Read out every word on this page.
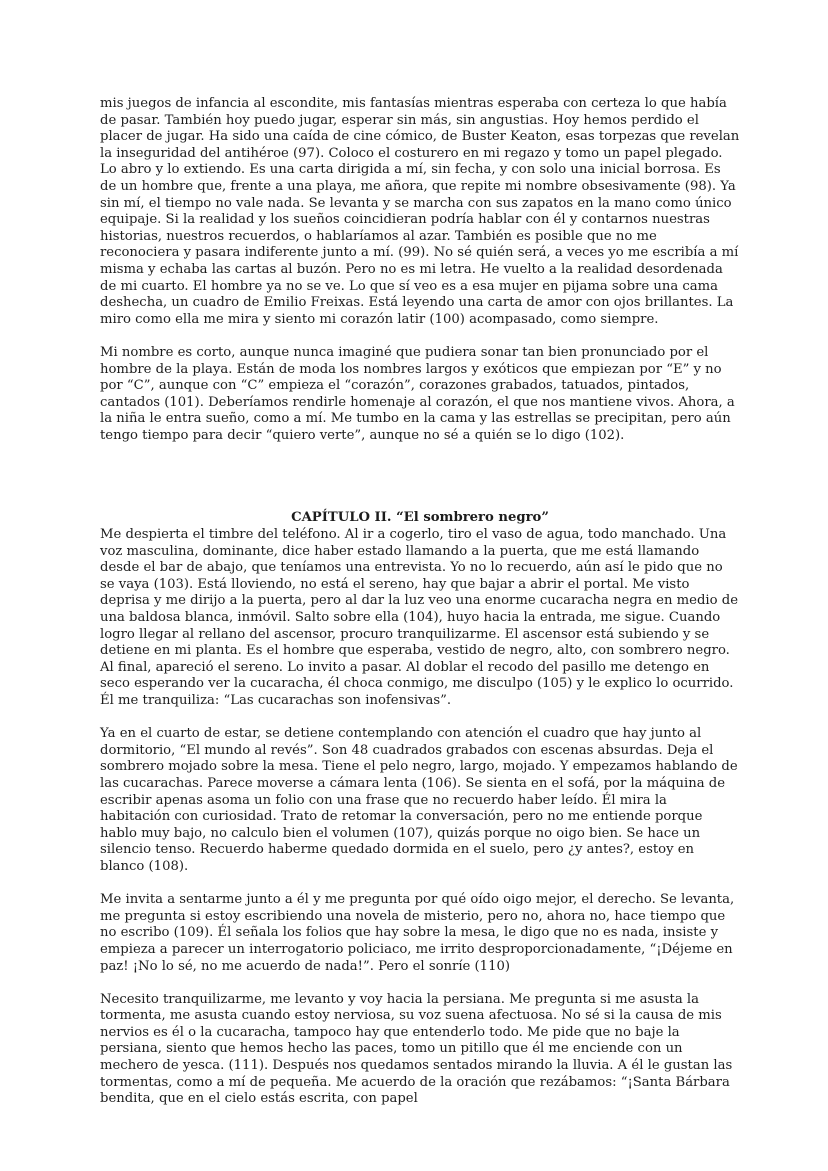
mis juegos de infancia al escondite, mis fantasías mientras esperaba con certeza lo que había de pasar. También hoy puedo jugar, esperar sin más, sin angustias. Hoy hemos perdido el placer de jugar. Ha sido una caída de cine cómico, de Buster Keaton, esas torpezas que revelan la inseguridad del antihéroe (97). Coloco el costurero en mi regazo y tomo un papel plegado. Lo abro y lo extiendo. Es una carta dirigida a mí, sin fecha, y con solo una inicial borrosa. Es de un hombre que, frente a una playa, me añora, que repite mi nombre obsesivamente (98). Ya sin mí, el tiempo no vale nada. Se levanta y se marcha con sus zapatos en la mano como único equipaje. Si la realidad y los sueños coincidieran podría hablar con él y contarnos nuestras historias, nuestros recuerdos, o hablaríamos al azar. También es posible que no me reconociera y pasara indiferente junto a mí. (99). No sé quién será, a veces yo me escribía a mí misma y echaba las cartas al buzón. Pero no es mi letra. He vuelto a la realidad desordenada de mi cuarto. El hombre ya no se ve. Lo que sí veo es a esa mujer en pijama sobre una cama deshecha, un cuadro de Emilio Freixas. Está leyendo una carta de amor con ojos brillantes. La miro como ella me mira y siento mi corazón latir (100) acompasado, como siempre.

Mi nombre es corto, aunque nunca imaginé que pudiera sonar tan bien pronunciado por el hombre de la playa. Están de moda los nombres largos y exóticos que empiezan por “E” y no por “C”, aunque con “C” empieza el “corazón”, corazones grabados, tatuados, pintados, cantados (101). Deberíamos rendirle homenaje al corazón, el que nos mantiene vivos. Ahora, a la niña le entra sueño, como a mí. Me tumbo en la cama y las estrellas se precipitan, pero aún tengo tiempo para decir “quiero verte”, aunque no sé a quién se lo digo (102).

CAPÍTULO II. “El sombrero negro”

Me despierta el timbre del teléfono. Al ir a cogerlo, tiro el vaso de agua, todo manchado. Una voz masculina, dominante, dice haber estado llamando a la puerta, que me está llamando desde el bar de abajo, que teníamos una entrevista. Yo no lo recuerdo, aún así le pido que no se vaya (103). Está lloviendo, no está el sereno, hay que bajar a abrir el portal. Me visto deprisa y me dirijo a la puerta, pero al dar la luz veo una enorme cucaracha negra en medio de una baldosa blanca, inmóvil. Salto sobre ella (104), huyo hacia la entrada, me sigue. Cuando logro llegar al rellano del ascensor, procuro tranquilizarme. El ascensor está subiendo y se detiene en mi planta. Es el hombre que esperaba, vestido de negro, alto, con sombrero negro. Al final, apareció el sereno. Lo invito a pasar. Al doblar el recodo del pasillo me detengo en seco esperando ver la cucaracha, él choca conmigo, me disculpo (105) y le explico lo ocurrido. Él me tranquiliza: “Las cucarachas son inofensivas”.

Ya en el cuarto de estar, se detiene contemplando con atención el cuadro que hay junto al dormitorio, “El mundo al revés”. Son 48 cuadrados grabados con escenas absurdas. Deja el sombrero mojado sobre la mesa. Tiene el pelo negro, largo, mojado. Y empezamos hablando de las cucarachas. Parece moverse a cámara lenta (106). Se sienta en el sofá, por la máquina de escribir apenas asoma un folio con una frase que no recuerdo haber leído. Él mira la habitación con curiosidad. Trato de retomar la conversación, pero no me entiende porque hablo muy bajo, no calculo bien el volumen (107), quizás porque no oigo bien. Se hace un silencio tenso. Recuerdo haberme quedado dormida en el suelo, pero ¿y antes?, estoy en blanco (108).

Me invita a sentarme junto a él y me pregunta por qué oído oigo mejor, el derecho. Se levanta, me pregunta si estoy escribiendo una novela de misterio, pero no, ahora no, hace tiempo que no escribo (109). Él señala los folios que hay sobre la mesa, le digo que no es nada, insiste y empieza a parecer un interrogatorio policiaco, me irrito desproporcionadamente, “¡Déjeme en paz! ¡No lo sé, no me acuerdo de nada!”. Pero el sonríe (110)

Necesito tranquilizarme, me levanto y voy hacia la persiana. Me pregunta si me asusta la tormenta, me asusta cuando estoy nerviosa, su voz suena afectuosa. No sé si la causa de mis nervios es él o la cucaracha, tampoco hay que entenderlo todo. Me pide que no baje la persiana, siento que hemos hecho las paces, tomo un pitillo que él me enciende con un mechero de yesca. (111). Después nos quedamos sentados mirando la lluvia. A él le gustan las tormentas, como a mí de pequeña. Me acuerdo de la oración que rezábamos: “¡Santa Bárbara bendita, que en el cielo estás escrita, con papel
